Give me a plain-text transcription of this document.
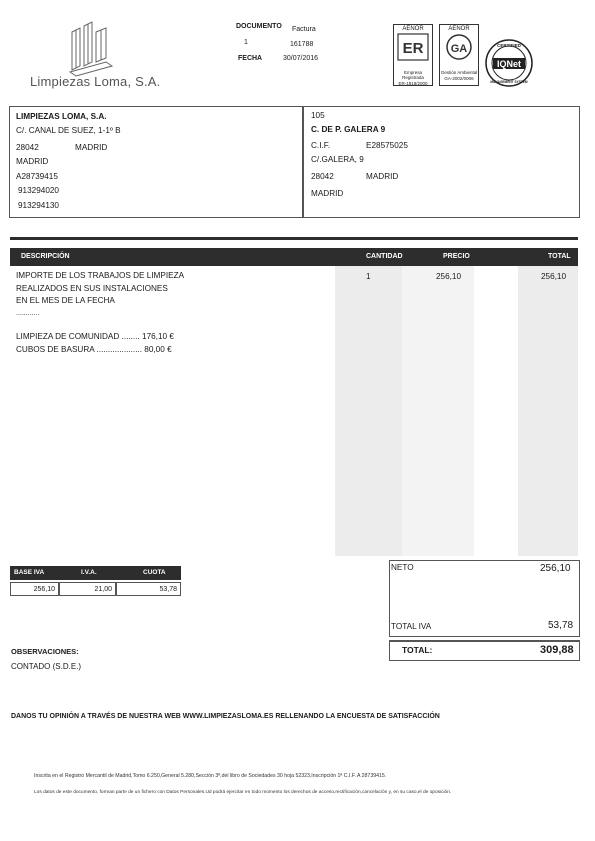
Limpiezas Loma, S.A.
DOCUMENTO Factura
1	161788
FECHA	30/07/2016
AENOR
ER
Empresa Registrada
ER-1818/2000
AENOR
GA
Gestión Ambiental
GA-2002/0006
CERTIFIED
IQNet
MANAGEMENT SYSTEM
LIMPIEZAS LOMA, S.A.
C/. CANAL DE SUEZ, 1-1º B
28042	MADRID
MADRID
A28739415
913294020
913294130
105
C. DE P. GALERA 9
C.I.F.	E28575025
C/.GALERA, 9
28042	MADRID
MADRID
DESCRIPCIÓN	CANTIDAD	PRECIO	TOTAL
IMPORTE DE LOS TRABAJOS DE LIMPIEZA
REALIZADOS EN SUS INSTALACIONES
EN EL MES DE LA FECHA
............
LIMPIEZA DE COMUNIDAD ........ 176,10 €
CUBOS DE BASURA .................... 80,00 €
1	256,10	256,10
BASE IVA	I.V.A.	CUOTA
256,10	21,00	53,78
NETO	256,10
TOTAL IVA	53,78
TOTAL:	309,88
OBSERVACIONES:
CONTADO (S.D.E.)
DANOS TU OPINIÓN A TRAVÉS DE NUESTRA WEB WWW.LIMPIEZASLOMA.ES RELLENANDO LA ENCUESTA DE SATISFACCIÓN
Inscrita en el Registro Mercantil de Madrid,Tomo 6.250,General 5.280,Sección 3ª,del libro de Sociedades 30 hoja 52323,Inscripción 1ª C.I.F. A 28739415.
Los datos de este documento, forman parte de un fichero con Datos Personales.Ud podrá ejercitar en todo momento los derechos de acceso,rectificación,cancelación y, en su caso,el de oposición.
